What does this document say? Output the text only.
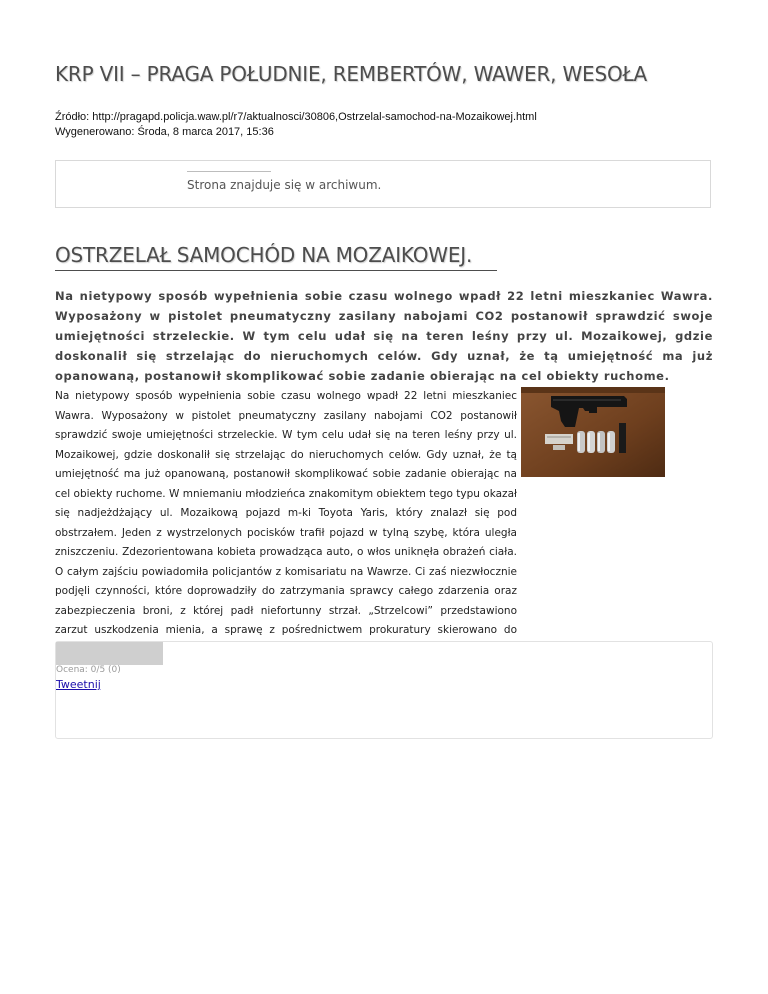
KRP VII – PRAGA POŁUDNIE, REMBERTÓW, WAWER, WESOŁA
Źródło: http://pragapd.policja.waw.pl/r7/aktualnosci/30806,Ostrzelal-samochod-na-Mozaikowej.html
Wygenerowano: Środa, 8 marca 2017, 15:36
Strona znajduje się w archiwum.
OSTRZELAŁ SAMOCHÓD NA MOZAIKOWEJ.

Na nietypowy sposób wypełnienia sobie czasu wolnego wpadł 22 letni mieszkaniec Wawra. Wyposażony w pistolet pneumatyczny zasilany nabojami CO2 postanowił sprawdzić swoje umiejętności strzeleckie. W tym celu udał się na teren leśny przy ul. Mozaikowej, gdzie doskonalił się strzelając do nieruchomych celów. Gdy uznał, że tą umiejętność ma już opanowaną, postanowił skomplikować sobie zadanie obierając na cel obiekty ruchome.

Na nietypowy sposób wypełnienia sobie czasu wolnego wpadł 22 letni mieszkaniec Wawra. Wyposażony w pistolet pneumatyczny zasilany nabojami CO2 postanowił sprawdzić swoje umiejętności strzeleckie. W tym celu udał się na teren leśny przy ul. Mozaikowej, gdzie doskonalił się strzelając do nieruchomych celów. Gdy uznał, że tą umiejętność ma już opanowaną, postanowił skomplikować sobie zadanie obierając na cel obiekty ruchome. W mniemaniu młodzieńca znakomitym obiektem tego typu okazał się nadjeżdżający ul. Mozaikową pojazd m-ki Toyota Yaris, który znalazł się pod obstrzałem. Jeden z wystrzelonych pocisków trafił pojazd w tylną szybę, która uległa zniszczeniu. Zdezorientowana kobieta prowadząca auto, o włos uniknęła obrażeń ciała. O całym zajściu powiadomiła policjantów z komisariatu na Wawrze. Ci zaś niezwłocznie podjęli czynności, które doprowadziły do zatrzymania sprawcy całego zdarzenia oraz zabezpieczenia broni, z której padł niefortunny strzał. „Strzelcowi” przedstawiono zarzut uszkodzenia mienia, a sprawę z pośrednictwem prokuratury skierowano do

Ocena: 0/5 (0)
Tweetnij
